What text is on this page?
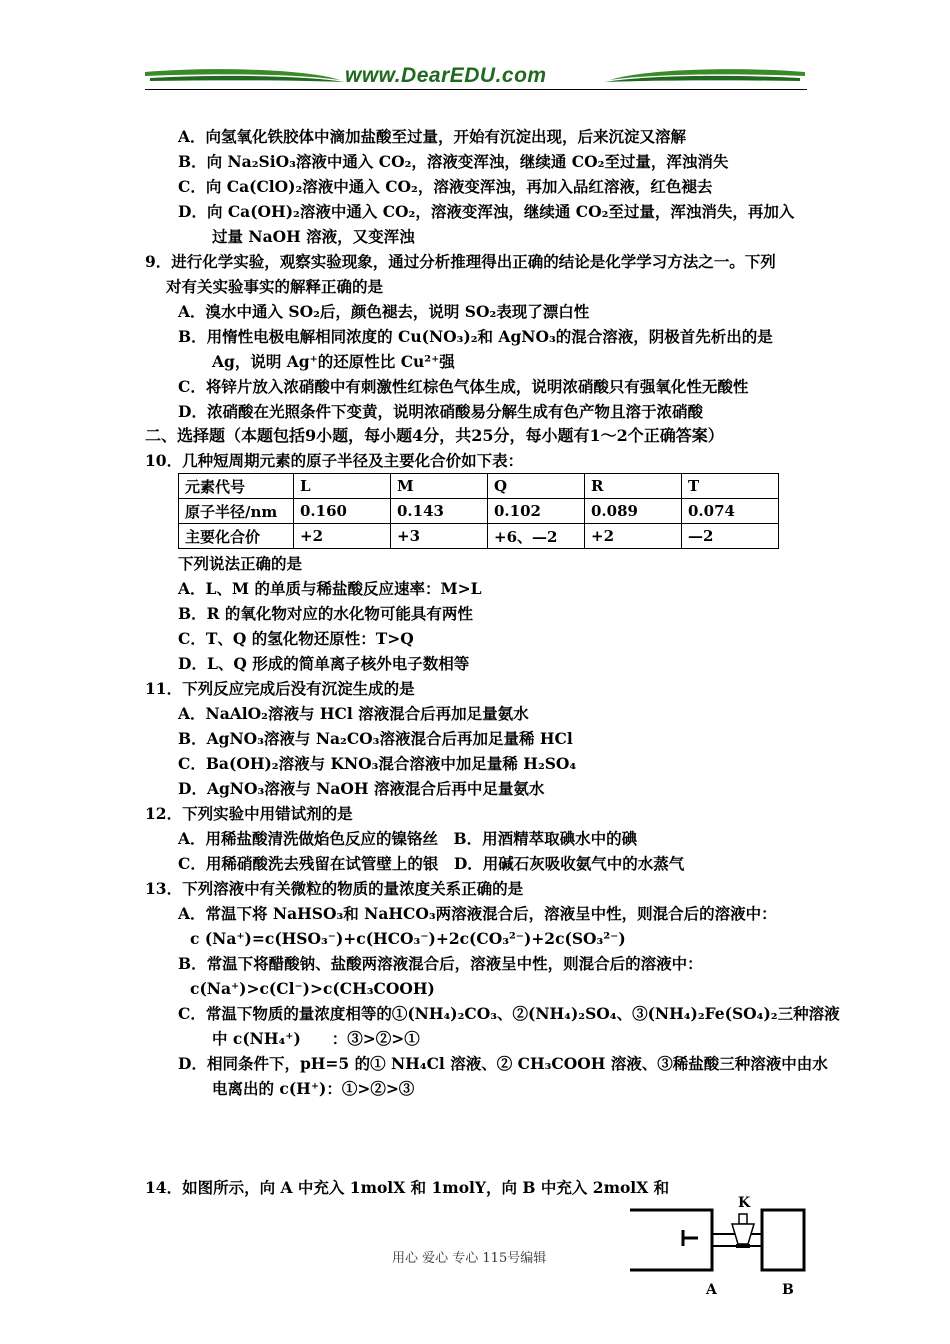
www.DearEDU.com
A．向氢氧化铁胶体中滴加盐酸至过量，开始有沉淀出现，后来沉淀又溶解
B．向 Na₂SiO₃溶液中通入 CO₂，溶液变浑浊，继续通 CO₂至过量，浑浊消失
C．向 Ca(ClO)₂溶液中通入 CO₂，溶液变浑浊，再加入品红溶液，红色褪去
D．向 Ca(OH)₂溶液中通入 CO₂，溶液变浑浊，继续通 CO₂至过量，浑浊消失，再加入
过量 NaOH 溶液，又变浑浊
9．进行化学实验，观察实验现象，通过分析推理得出正确的结论是化学学习方法之一。下列
对有关实验事实的解释正确的是
A．溴水中通入 SO₂后，颜色褪去，说明 SO₂表现了漂白性
B．用惰性电极电解相同浓度的 Cu(NO₃)₂和 AgNO₃的混合溶液，阴极首先析出的是
Ag，说明 Ag⁺的还原性比 Cu²⁺强
C．将锌片放入浓硝酸中有刺激性红棕色气体生成，说明浓硝酸只有强氧化性无酸性
D．浓硝酸在光照条件下变黄，说明浓硝酸易分解生成有色产物且溶于浓硝酸
二、选择题（本题包括9小题，每小题4分，共25分，每小题有1～2个正确答案）
10．几种短周期元素的原子半径及主要化合价如下表：
元素代号	L	M	Q	R	T
原子半径/nm	0.160	0.143	0.102	0.089	0.074
主要化合价	+2	+3	+6、—2	+2	—2
下列说法正确的是
A．L、M 的单质与稀盐酸反应速率：M>L
B．R 的氧化物对应的水化物可能具有两性
C．T、Q 的氢化物还原性：T>Q
D．L、Q 形成的简单离子核外电子数相等
11．下列反应完成后没有沉淀生成的是
A．NaAlO₂溶液与 HCl 溶液混合后再加足量氨水
B．AgNO₃溶液与 Na₂CO₃溶液混合后再加足量稀 HCl
C．Ba(OH)₂溶液与 KNO₃混合溶液中加足量稀 H₂SO₄
D．AgNO₃溶液与 NaOH 溶液混合后再中足量氨水
12．下列实验中用错试剂的是
A．用稀盐酸清洗做焰色反应的镍铬丝　B．用酒精萃取碘水中的碘
C．用稀硝酸洗去残留在试管壁上的银　D．用碱石灰吸收氨气中的水蒸气
13．下列溶液中有关微粒的物质的量浓度关系正确的是
A．常温下将 NaHSO₃和 NaHCO₃两溶液混合后，溶液呈中性，则混合后的溶液中：
c (Na⁺)=c(HSO₃⁻)+c(HCO₃⁻)+2c(CO₃²⁻)+2c(SO₃²⁻)
B．常温下将醋酸钠、盐酸两溶液混合后，溶液呈中性，则混合后的溶液中：
c(Na⁺)>c(Cl⁻)>c(CH₃COOH)
C．常温下物质的量浓度相等的①(NH₄)₂CO₃、②(NH₄)₂SO₄、③(NH₄)₂Fe(SO₄)₂三种溶液
中 c(NH₄⁺)　　：③>②>①
D．相同条件下，pH=5 的① NH₄Cl 溶液、② CH₃COOH 溶液、③稀盐酸三种溶液中由水
电离出的 c(H⁺)：①>②>③
14．如图所示，向 A 中充入 1molX 和 1molY，向 B 中充入 2molX 和
K
A	B
用心 爱心 专心 115号编辑
